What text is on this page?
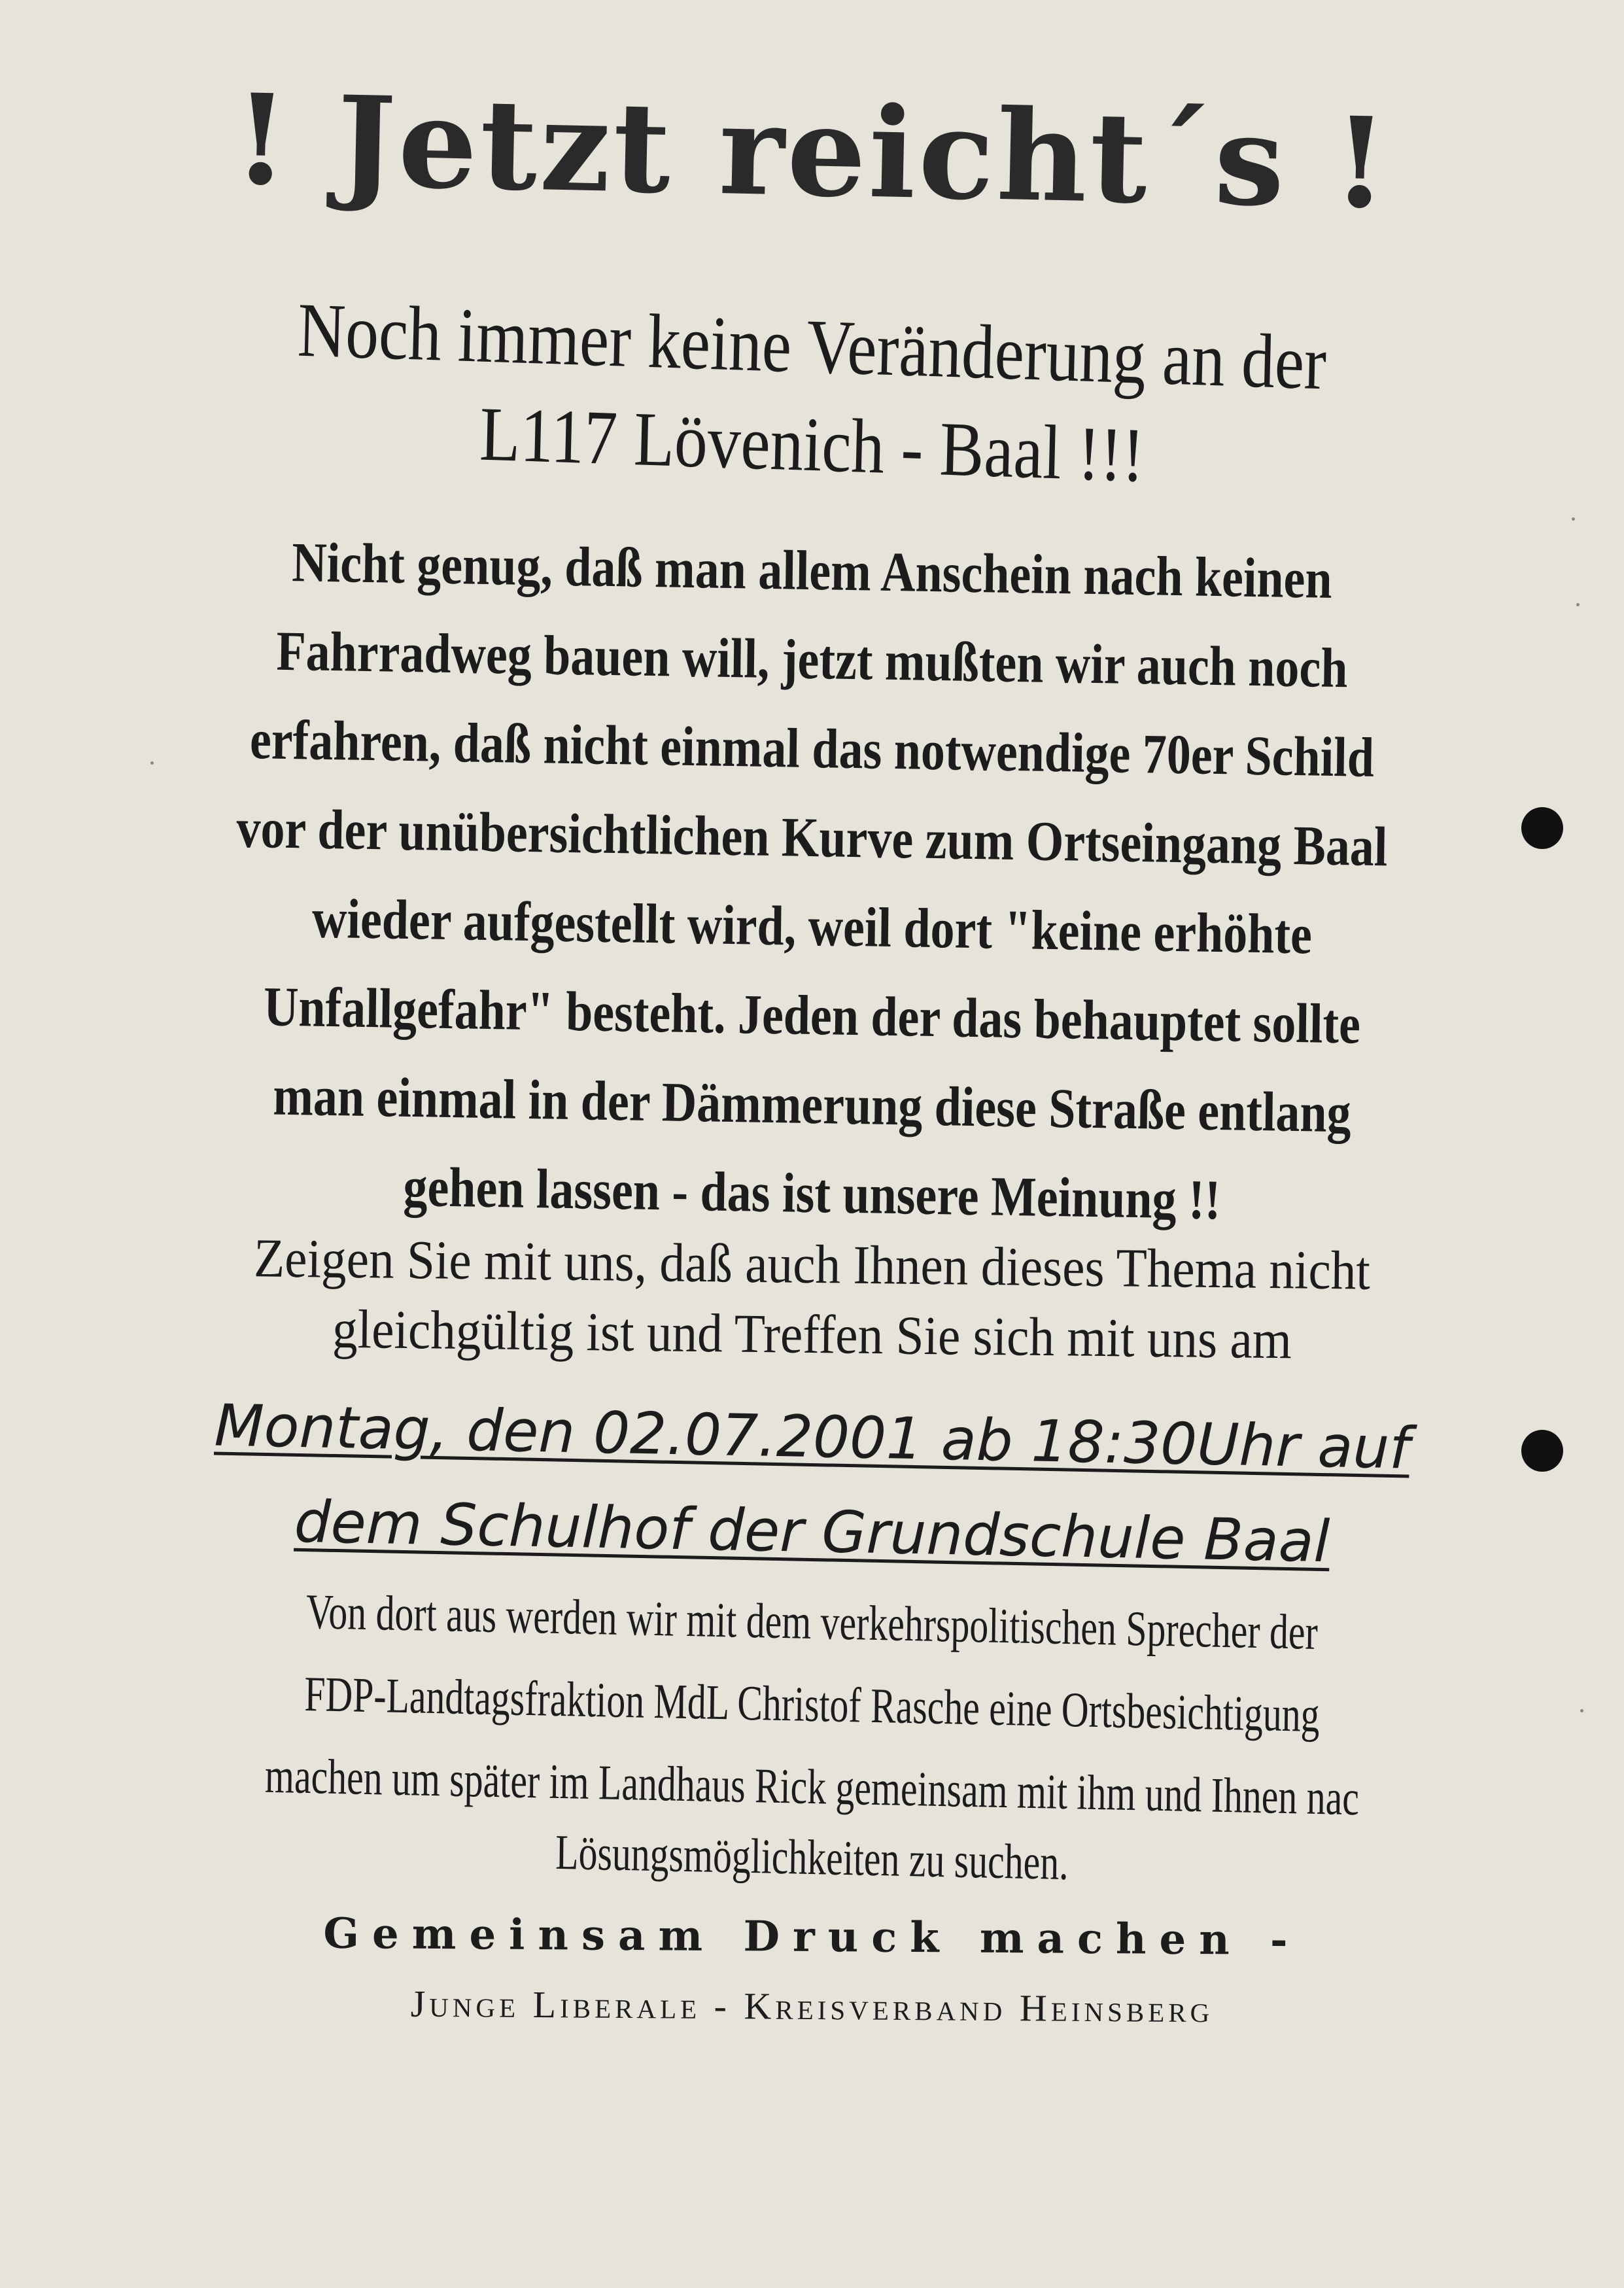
! Jetzt reicht´s !
Noch immer keine Veränderung an der
L117 Lövenich - Baal !!!
Nicht genug, daß man allem Anschein nach keinen
Fahrradweg bauen will, jetzt mußten wir auch noch
erfahren, daß nicht einmal das notwendige 70er Schild
vor der unübersichtlichen Kurve zum Ortseingang Baal
wieder aufgestellt wird, weil dort "keine erhöhte
Unfallgefahr" besteht. Jeden der das behauptet sollte
man einmal in der Dämmerung diese Straße entlang
gehen lassen - das ist unsere Meinung !!
Zeigen Sie mit uns, daß auch Ihnen dieses Thema nicht
gleichgültig ist und Treffen Sie sich mit uns am
Montag, den 02.07.2001 ab 18:30Uhr auf
dem Schulhof der Grundschule Baal
Von dort aus werden wir mit dem verkehrspolitischen Sprecher der
FDP-Landtagsfraktion MdL Christof Rasche eine Ortsbesichtigung
machen um später im Landhaus Rick gemeinsam mit ihm und Ihnen nac
Lösungsmöglichkeiten zu suchen.
Gemeinsam Druck machen -
Junge Liberale - Kreisverband Heinsberg
